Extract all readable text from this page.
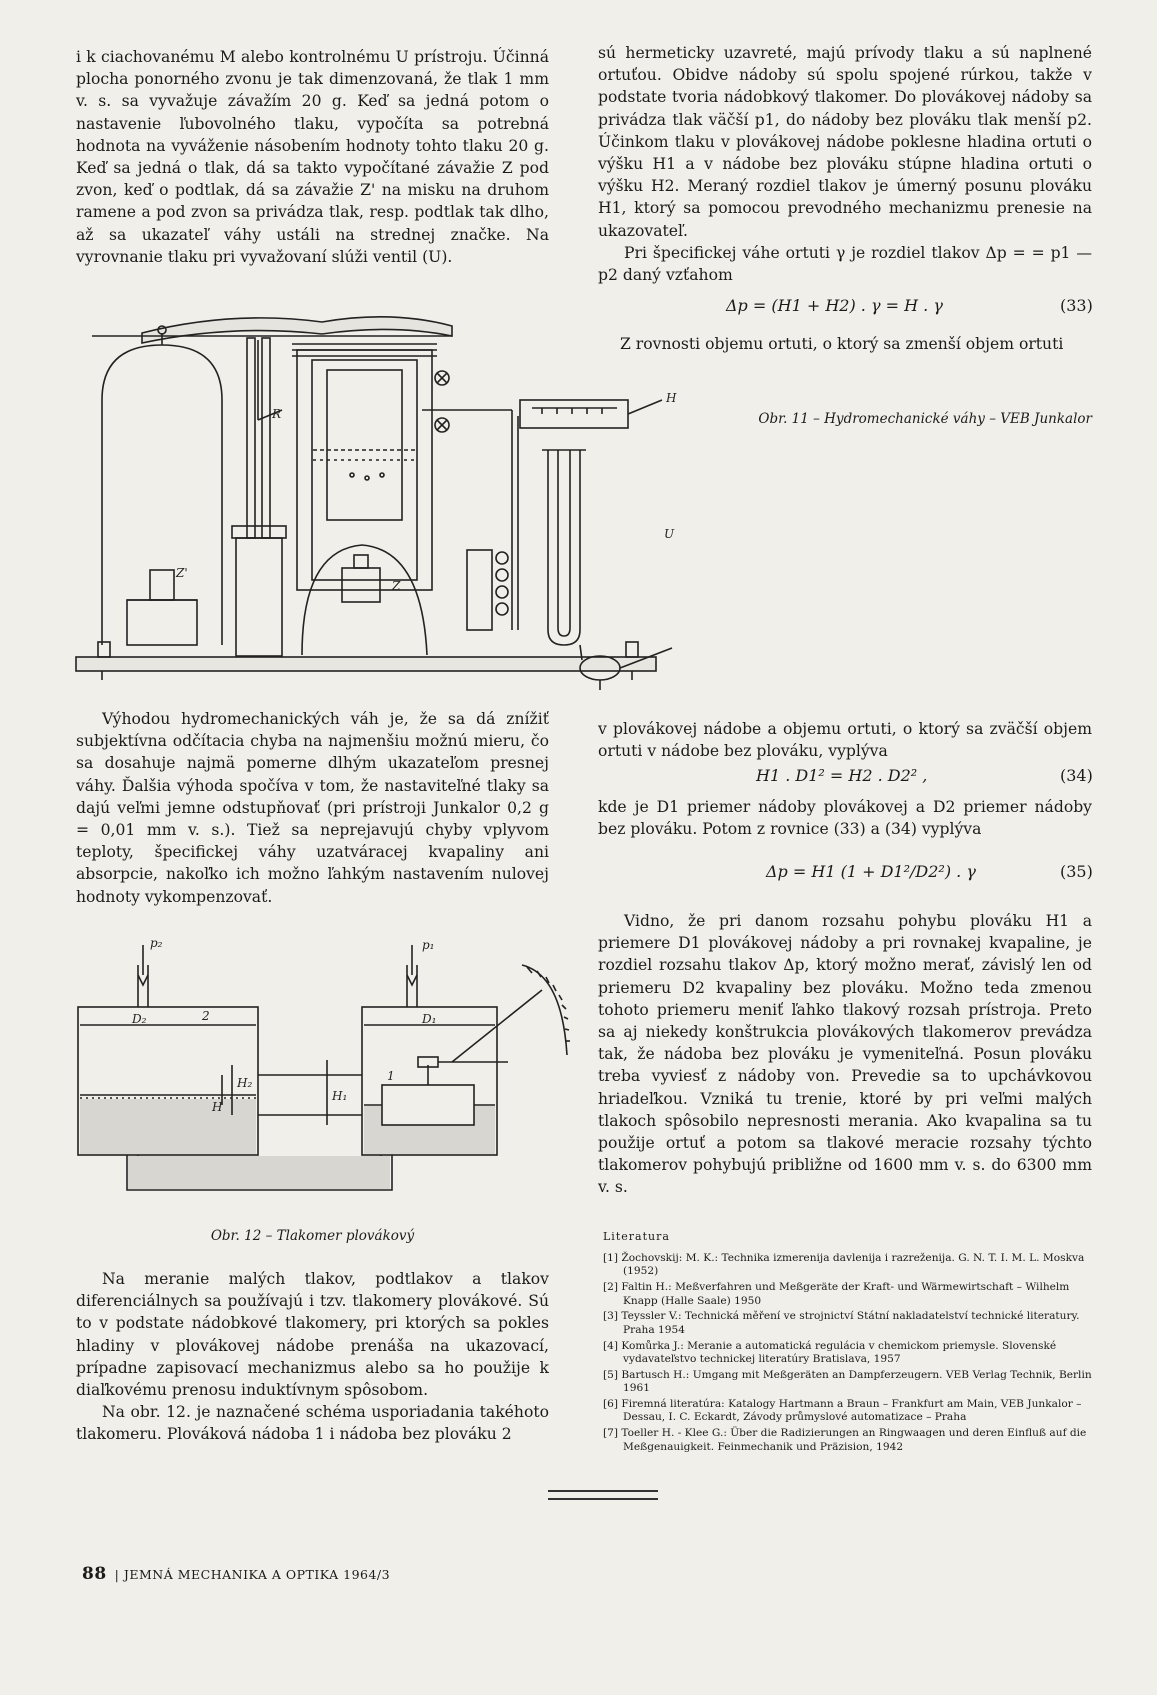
i k ciachovanému M alebo kontrolnému U prístroju. Účinná plocha ponorného zvonu je tak dimenzovaná, že tlak 1 mm v. s. sa vyvažuje závažím 20 g. Keď sa jedná potom o nastavenie ľubovolného tlaku, vypočíta sa potrebná hodnota na vyváženie násobením hodnoty tohto tlaku 20 g. Keď sa jedná o tlak, dá sa takto vypočítané závažie Z pod zvon, keď o podtlak, dá sa závažie Z' na misku na druhom ramene a pod zvon sa privádza tlak, resp. podtlak tak dlho, až sa ukazateľ váhy ustáli na strednej značke. Na vyrovnanie tlaku pri vyvažovaní slúži ventil (U).

sú hermeticky uzavreté, majú prívody tlaku a sú naplnené ortuťou. Obidve nádoby sú spolu spojené rúrkou, takže v podstate tvoria nádobkový tlakomer. Do plovákovej nádoby sa privádza tlak väčší p1, do nádoby bez plováku tlak menší p2. Účinkom tlaku v plovákovej nádobe poklesne hladina ortuti o výšku H1 a v nádobe bez plováku stúpne hladina ortuti o výšku H2. Meraný rozdiel tlakov je úmerný posunu plováku H1, ktorý sa pomocou prevodného mechanizmu prenesie na ukazovateľ.

Pri špecifickej váhe ortuti γ je rozdiel tlakov Δp = = p1 — p2 daný vzťahom

Δp = (H1 + H2) . γ = H . γ	(33)
Z rovnosti objemu ortuti, o ktorý sa zmenší objem ortuti
Obr. 11 – Hydromechanické váhy – VEB Junkalor
R
Z'
Z
H
U

Výhodou hydromechanických váh je, že sa dá znížiť subjektívna odčítacia chyba na najmenšiu možnú mieru, čo sa dosahuje najmä pomerne dlhým ukazateľom presnej váhy. Ďalšia výhoda spočíva v tom, že nastaviteľné tlaky sa dajú veľmi jemne odstupňovať (pri prístroji Junkalor 0,2 g = 0,01 mm v. s.). Tiež sa neprejavujú chyby vplyvom teploty, špecifickej váhy uzatváracej kvapaliny ani absorpcie, nakoľko ich možno ľahkým nastavením nulovej hodnoty vykompenzovať.

p₂	p₁
D₂	D₁
2
1
H₂
H
H₁
Obr. 12 – Tlakomer plovákový

Na meranie malých tlakov, podtlakov a tlakov diferenciálnych sa používajú i tzv. tlakomery plovákové. Sú to v podstate nádobkové tlakomery, pri ktorých sa pokles hladiny v plovákovej nádobe prenáša na ukazovací, prípadne zapisovací mechanizmus alebo sa ho použije k diaľkovému prenosu induktívnym spôsobom.

Na obr. 12. je naznačené schéma usporiadania takéhoto tlakomeru. Plováková nádoba 1 i nádoba bez plováku 2

v plovákovej nádobe a objemu ortuti, o ktorý sa zväčší objem ortuti v nádobe bez plováku, vyplýva

H1 . D1² = H2 . D2² ,	(34)
kde je D1 priemer nádoby plovákovej a D2 priemer nádoby bez plováku. Potom z rovnice (33) a (34) vyplýva
Δp = H1 (1 + D1²/D2²) . γ	(35)

Vidno, že pri danom rozsahu pohybu plováku H1 a priemere D1 plovákovej nádoby a pri rovnakej kvapaline, je rozdiel rozsahu tlakov Δp, ktorý možno merať, závislý len od priemeru D2 kvapaliny bez plováku. Možno teda zmenou tohoto priemeru meniť ľahko tlakový rozsah prístroja. Preto sa aj niekedy konštrukcia plovákových tlakomerov prevádza tak, že nádoba bez plováku je vymeniteľná. Posun plováku treba vyviesť z nádoby von. Prevedie sa to upchávkovou hriadeľkou. Vzniká tu trenie, ktoré by pri veľmi malých tlakoch spôsobilo nepresnosti merania. Ako kvapalina sa tu použije ortuť a potom sa tlakové meracie rozsahy týchto tlakomerov pohybujú približne od 1600 mm v. s. do 6300 mm v. s.

Literatura
[1] Žochovskij: M. K.: Technika izmerenija davlenija i razreženija. G. N. T. I. M. L. Moskva (1952)
[2] Faltin H.: Meßverfahren und Meßgeräte der Kraft- und Wärmewirtschaft – Wilhelm Knapp (Halle Saale) 1950
[3] Teyssler V.: Technická měření ve strojnictví Státní nakladatelství technické literatury. Praha 1954
[4] Komůrka J.: Meranie a automatická regulácia v chemickom priemysle. Slovenské vydavateľstvo technickej literatúry Bratislava, 1957
[5] Bartusch H.: Umgang mit Meßgeräten an Dampferzeugern. VEB Verlag Technik, Berlin 1961
[6] Firemná literatúra: Katalogy Hartmann a Braun – Frankfurt am Main, VEB Junkalor – Dessau, I. C. Eckardt, Závody průmyslové automatizace – Praha
[7] Toeller H. - Klee G.: Über die Radizierungen an Ringwaagen und deren Einfluß auf die Meßgenauigkeit. Feinmechanik und Präzision, 1942
88 | JEMNÁ MECHANIKA A OPTIKA 1964/3
